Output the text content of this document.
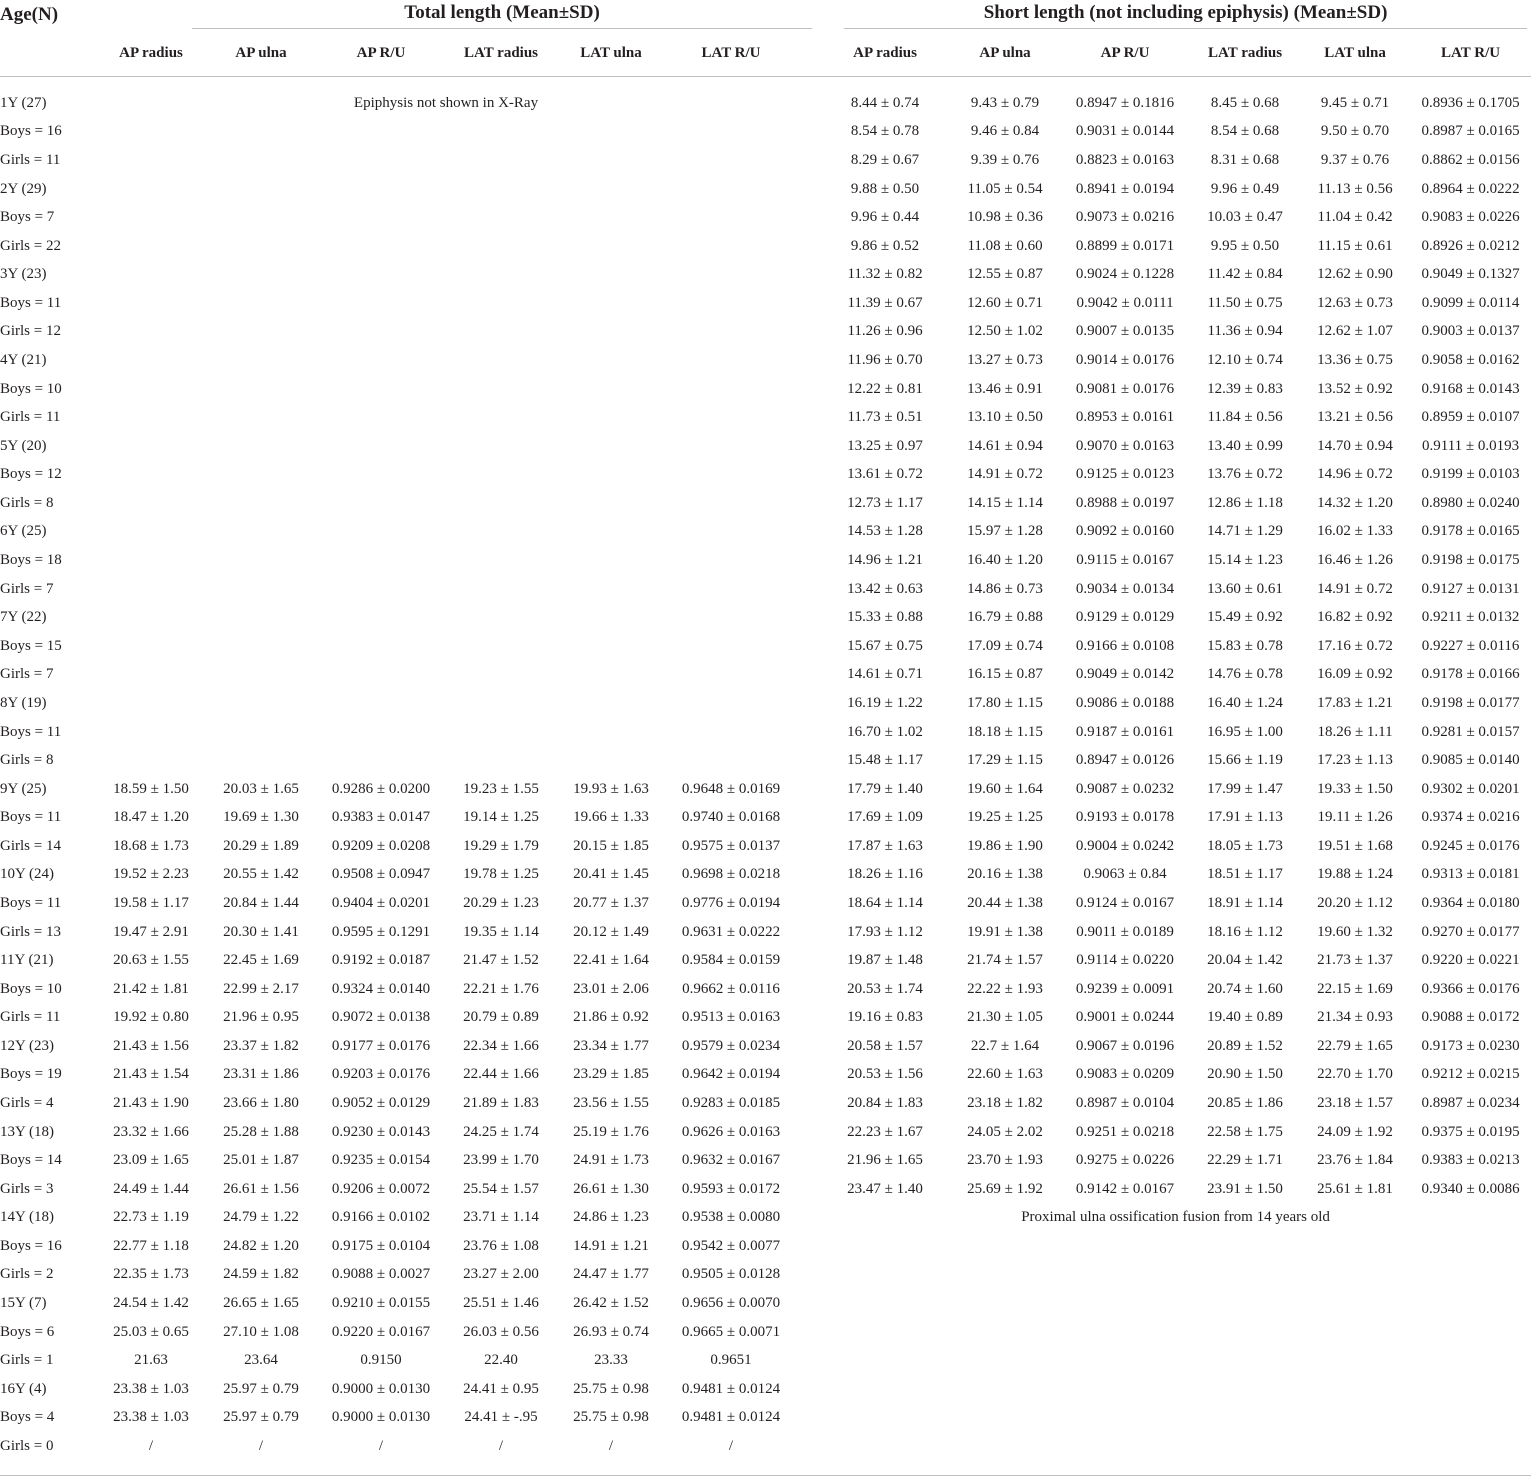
Age(N)	Total length (Mean±SD)							Short length (not including epiphysis) (Mean±SD)					

	AP radius	AP ulna	AP R/U	LAT radius	LAT ulna	LAT R/U		AP radius	AP ulna	AP R/U	LAT radius	LAT ulna	LAT R/U

1Y (27)	Epiphysis not shown in X-Ray							8.44 ± 0.74	9.43 ± 0.79	0.8947 ± 0.1816	8.45 ± 0.68	9.45 ± 0.71	0.8936 ± 0.1705
Boys = 16								8.54 ± 0.78	9.46 ± 0.84	0.9031 ± 0.0144	8.54 ± 0.68	9.50 ± 0.70	0.8987 ± 0.0165
Girls = 11								8.29 ± 0.67	9.39 ± 0.76	0.8823 ± 0.0163	8.31 ± 0.68	9.37 ± 0.76	0.8862 ± 0.0156
2Y (29)								9.88 ± 0.50	11.05 ± 0.54	0.8941 ± 0.0194	9.96 ± 0.49	11.13 ± 0.56	0.8964 ± 0.0222
Boys = 7								9.96 ± 0.44	10.98 ± 0.36	0.9073 ± 0.0216	10.03 ± 0.47	11.04 ± 0.42	0.9083 ± 0.0226
Girls = 22								9.86 ± 0.52	11.08 ± 0.60	0.8899 ± 0.0171	9.95 ± 0.50	11.15 ± 0.61	0.8926 ± 0.0212
3Y (23)								11.32 ± 0.82	12.55 ± 0.87	0.9024 ± 0.1228	11.42 ± 0.84	12.62 ± 0.90	0.9049 ± 0.1327
Boys = 11								11.39 ± 0.67	12.60 ± 0.71	0.9042 ± 0.0111	11.50 ± 0.75	12.63 ± 0.73	0.9099 ± 0.0114
Girls = 12								11.26 ± 0.96	12.50 ± 1.02	0.9007 ± 0.0135	11.36 ± 0.94	12.62 ± 1.07	0.9003 ± 0.0137
4Y (21)								11.96 ± 0.70	13.27 ± 0.73	0.9014 ± 0.0176	12.10 ± 0.74	13.36 ± 0.75	0.9058 ± 0.0162
Boys = 10								12.22 ± 0.81	13.46 ± 0.91	0.9081 ± 0.0176	12.39 ± 0.83	13.52 ± 0.92	0.9168 ± 0.0143
Girls = 11								11.73 ± 0.51	13.10 ± 0.50	0.8953 ± 0.0161	11.84 ± 0.56	13.21 ± 0.56	0.8959 ± 0.0107
5Y (20)								13.25 ± 0.97	14.61 ± 0.94	0.9070 ± 0.0163	13.40 ± 0.99	14.70 ± 0.94	0.9111 ± 0.0193
Boys = 12								13.61 ± 0.72	14.91 ± 0.72	0.9125 ± 0.0123	13.76 ± 0.72	14.96 ± 0.72	0.9199 ± 0.0103
Girls = 8								12.73 ± 1.17	14.15 ± 1.14	0.8988 ± 0.0197	12.86 ± 1.18	14.32 ± 1.20	0.8980 ± 0.0240
6Y (25)								14.53 ± 1.28	15.97 ± 1.28	0.9092 ± 0.0160	14.71 ± 1.29	16.02 ± 1.33	0.9178 ± 0.0165
Boys = 18								14.96 ± 1.21	16.40 ± 1.20	0.9115 ± 0.0167	15.14 ± 1.23	16.46 ± 1.26	0.9198 ± 0.0175
Girls = 7								13.42 ± 0.63	14.86 ± 0.73	0.9034 ± 0.0134	13.60 ± 0.61	14.91 ± 0.72	0.9127 ± 0.0131
7Y (22)								15.33 ± 0.88	16.79 ± 0.88	0.9129 ± 0.0129	15.49 ± 0.92	16.82 ± 0.92	0.9211 ± 0.0132
Boys = 15								15.67 ± 0.75	17.09 ± 0.74	0.9166 ± 0.0108	15.83 ± 0.78	17.16 ± 0.72	0.9227 ± 0.0116
Girls = 7								14.61 ± 0.71	16.15 ± 0.87	0.9049 ± 0.0142	14.76 ± 0.78	16.09 ± 0.92	0.9178 ± 0.0166
8Y (19)								16.19 ± 1.22	17.80 ± 1.15	0.9086 ± 0.0188	16.40 ± 1.24	17.83 ± 1.21	0.9198 ± 0.0177
Boys = 11								16.70 ± 1.02	18.18 ± 1.15	0.9187 ± 0.0161	16.95 ± 1.00	18.26 ± 1.11	0.9281 ± 0.0157
Girls = 8								15.48 ± 1.17	17.29 ± 1.15	0.8947 ± 0.0126	15.66 ± 1.19	17.23 ± 1.13	0.9085 ± 0.0140
9Y (25)	18.59 ± 1.50	20.03 ± 1.65	0.9286 ± 0.0200	19.23 ± 1.55	19.93 ± 1.63	0.9648 ± 0.0169		17.79 ± 1.40	19.60 ± 1.64	0.9087 ± 0.0232	17.99 ± 1.47	19.33 ± 1.50	0.9302 ± 0.0201
Boys = 11	18.47 ± 1.20	19.69 ± 1.30	0.9383 ± 0.0147	19.14 ± 1.25	19.66 ± 1.33	0.9740 ± 0.0168		17.69 ± 1.09	19.25 ± 1.25	0.9193 ± 0.0178	17.91 ± 1.13	19.11 ± 1.26	0.9374 ± 0.0216
Girls = 14	18.68 ± 1.73	20.29 ± 1.89	0.9209 ± 0.0208	19.29 ± 1.79	20.15 ± 1.85	0.9575 ± 0.0137		17.87 ± 1.63	19.86 ± 1.90	0.9004 ± 0.0242	18.05 ± 1.73	19.51 ± 1.68	0.9245 ± 0.0176
10Y (24)	19.52 ± 2.23	20.55 ± 1.42	0.9508 ± 0.0947	19.78 ± 1.25	20.41 ± 1.45	0.9698 ± 0.0218		18.26 ± 1.16	20.16 ± 1.38	0.9063 ± 0.84	18.51 ± 1.17	19.88 ± 1.24	0.9313 ± 0.0181
Boys = 11	19.58 ± 1.17	20.84 ± 1.44	0.9404 ± 0.0201	20.29 ± 1.23	20.77 ± 1.37	0.9776 ± 0.0194		18.64 ± 1.14	20.44 ± 1.38	0.9124 ± 0.0167	18.91 ± 1.14	20.20 ± 1.12	0.9364 ± 0.0180
Girls = 13	19.47 ± 2.91	20.30 ± 1.41	0.9595 ± 0.1291	19.35 ± 1.14	20.12 ± 1.49	0.9631 ± 0.0222		17.93 ± 1.12	19.91 ± 1.38	0.9011 ± 0.0189	18.16 ± 1.12	19.60 ± 1.32	0.9270 ± 0.0177
11Y (21)	20.63 ± 1.55	22.45 ± 1.69	0.9192 ± 0.0187	21.47 ± 1.52	22.41 ± 1.64	0.9584 ± 0.0159		19.87 ± 1.48	21.74 ± 1.57	0.9114 ± 0.0220	20.04 ± 1.42	21.73 ± 1.37	0.9220 ± 0.0221
Boys = 10	21.42 ± 1.81	22.99 ± 2.17	0.9324 ± 0.0140	22.21 ± 1.76	23.01 ± 2.06	0.9662 ± 0.0116		20.53 ± 1.74	22.22 ± 1.93	0.9239 ± 0.0091	20.74 ± 1.60	22.15 ± 1.69	0.9366 ± 0.0176
Girls = 11	19.92 ± 0.80	21.96 ± 0.95	0.9072 ± 0.0138	20.79 ± 0.89	21.86 ± 0.92	0.9513 ± 0.0163		19.16 ± 0.83	21.30 ± 1.05	0.9001 ± 0.0244	19.40 ± 0.89	21.34 ± 0.93	0.9088 ± 0.0172
12Y (23)	21.43 ± 1.56	23.37 ± 1.82	0.9177 ± 0.0176	22.34 ± 1.66	23.34 ± 1.77	0.9579 ± 0.0234		20.58 ± 1.57	22.7 ± 1.64	0.9067 ± 0.0196	20.89 ± 1.52	22.79 ± 1.65	0.9173 ± 0.0230
Boys = 19	21.43 ± 1.54	23.31 ± 1.86	0.9203 ± 0.0176	22.44 ± 1.66	23.29 ± 1.85	0.9642 ± 0.0194		20.53 ± 1.56	22.60 ± 1.63	0.9083 ± 0.0209	20.90 ± 1.50	22.70 ± 1.70	0.9212 ± 0.0215
Girls = 4	21.43 ± 1.90	23.66 ± 1.80	0.9052 ± 0.0129	21.89 ± 1.83	23.56 ± 1.55	0.9283 ± 0.0185		20.84 ± 1.83	23.18 ± 1.82	0.8987 ± 0.0104	20.85 ± 1.86	23.18 ± 1.57	0.8987 ± 0.0234
13Y (18)	23.32 ± 1.66	25.28 ± 1.88	0.9230 ± 0.0143	24.25 ± 1.74	25.19 ± 1.76	0.9626 ± 0.0163		22.23 ± 1.67	24.05 ± 2.02	0.9251 ± 0.0218	22.58 ± 1.75	24.09 ± 1.92	0.9375 ± 0.0195
Boys = 14	23.09 ± 1.65	25.01 ± 1.87	0.9235 ± 0.0154	23.99 ± 1.70	24.91 ± 1.73	0.9632 ± 0.0167		21.96 ± 1.65	23.70 ± 1.93	0.9275 ± 0.0226	22.29 ± 1.71	23.76 ± 1.84	0.9383 ± 0.0213
Girls = 3	24.49 ± 1.44	26.61 ± 1.56	0.9206 ± 0.0072	25.54 ± 1.57	26.61 ± 1.30	0.9593 ± 0.0172		23.47 ± 1.40	25.69 ± 1.92	0.9142 ± 0.0167	23.91 ± 1.50	25.61 ± 1.81	0.9340 ± 0.0086
14Y (18)	22.73 ± 1.19	24.79 ± 1.22	0.9166 ± 0.0102	23.71 ± 1.14	24.86 ± 1.23	0.9538 ± 0.0080		Proximal ulna ossification fusion from 14 years old					
Boys = 16	22.77 ± 1.18	24.82 ± 1.20	0.9175 ± 0.0104	23.76 ± 1.08	14.91 ± 1.21	0.9542 ± 0.0077							
Girls = 2	22.35 ± 1.73	24.59 ± 1.82	0.9088 ± 0.0027	23.27 ± 2.00	24.47 ± 1.77	0.9505 ± 0.0128							
15Y (7)	24.54 ± 1.42	26.65 ± 1.65	0.9210 ± 0.0155	25.51 ± 1.46	26.42 ± 1.52	0.9656 ± 0.0070							
Boys = 6	25.03 ± 0.65	27.10 ± 1.08	0.9220 ± 0.0167	26.03 ± 0.56	26.93 ± 0.74	0.9665 ± 0.0071							
Girls = 1	21.63	23.64	0.9150	22.40	23.33	0.9651							
16Y (4)	23.38 ± 1.03	25.97 ± 0.79	0.9000 ± 0.0130	24.41 ± 0.95	25.75 ± 0.98	0.9481 ± 0.0124							
Boys = 4	23.38 ± 1.03	25.97 ± 0.79	0.9000 ± 0.0130	24.41 ± -.95	25.75 ± 0.98	0.9481 ± 0.0124							
Girls = 0	/	/	/	/	/	/							
